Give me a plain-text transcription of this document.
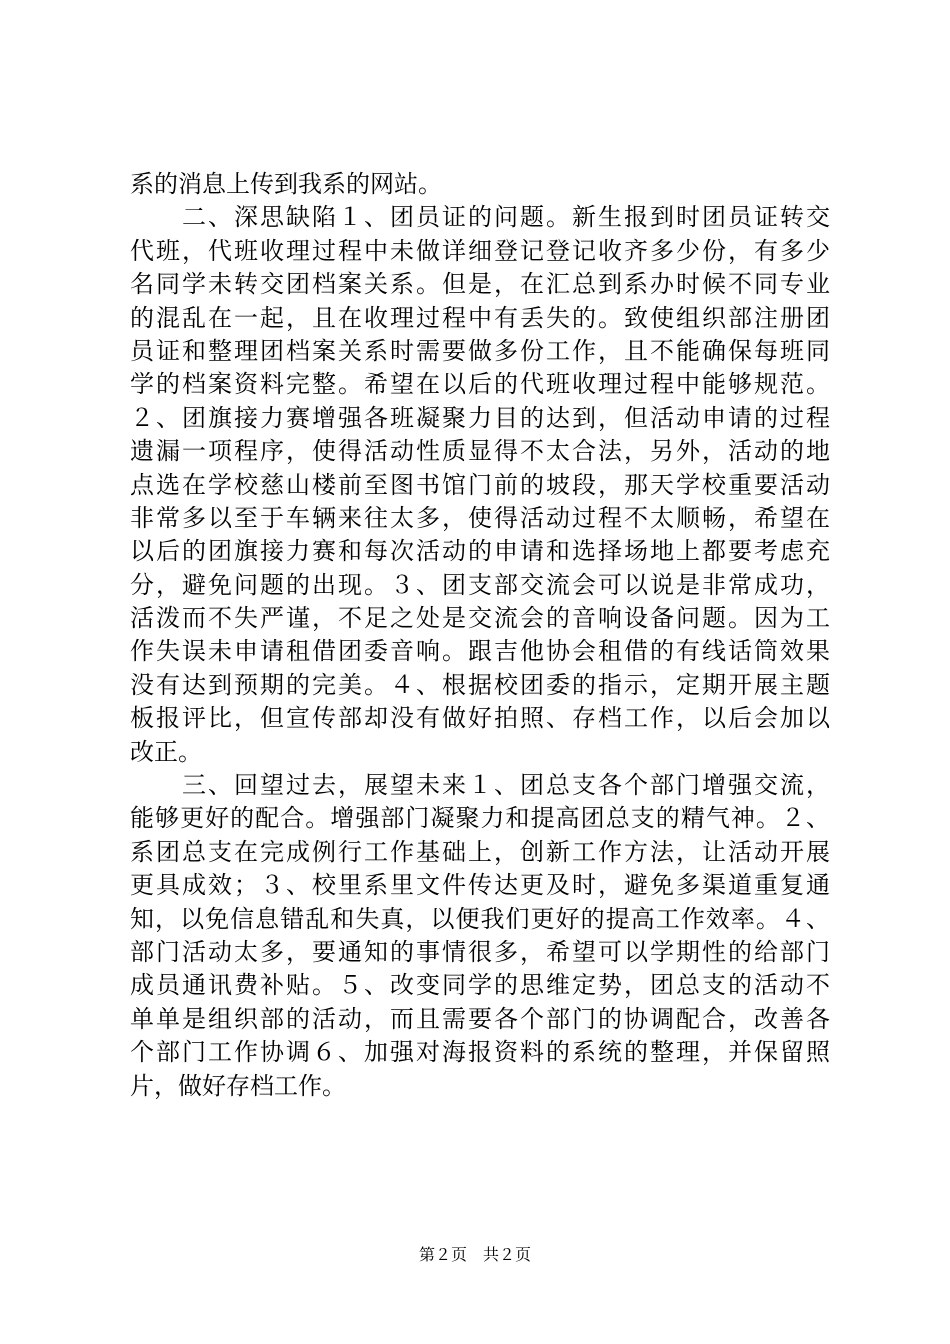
系的消息上传到我系的网站。
　　二、深思缺陷１、团员证的问题。新生报到时团员证转交
代班，代班收理过程中未做详细登记登记收齐多少份，有多少
名同学未转交团档案关系。但是，在汇总到系办时候不同专业
的混乱在一起，且在收理过程中有丢失的。致使组织部注册团
员证和整理团档案关系时需要做多份工作，且不能确保每班同
学的档案资料完整。希望在以后的代班收理过程中能够规范。
２、团旗接力赛增强各班凝聚力目的达到，但活动申请的过程
遗漏一项程序，使得活动性质显得不太合法，另外，活动的地
点选在学校慈山楼前至图书馆门前的坡段，那天学校重要活动
非常多以至于车辆来往太多，使得活动过程不太顺畅，希望在
以后的团旗接力赛和每次活动的申请和选择场地上都要考虑充
分，避免问题的出现。３、团支部交流会可以说是非常成功，
活泼而不失严谨，不足之处是交流会的音响设备问题。因为工
作失误未申请租借团委音响。跟吉他协会租借的有线话筒效果
没有达到预期的完美。４、根据校团委的指示，定期开展主题
板报评比，但宣传部却没有做好拍照、存档工作，以后会加以
改正。
　　三、回望过去，展望未来１、团总支各个部门增强交流，
能够更好的配合。增强部门凝聚力和提高团总支的精气神。２、
系团总支在完成例行工作基础上，创新工作方法，让活动开展
更具成效；３、校里系里文件传达更及时，避免多渠道重复通
知，以免信息错乱和失真，以便我们更好的提高工作效率。４、
部门活动太多，要通知的事情很多，希望可以学期性的给部门
成员通讯费补贴。５、改变同学的思维定势，团总支的活动不
单单是组织部的活动，而且需要各个部门的协调配合，改善各
个部门工作协调６、加强对海报资料的系统的整理，并保留照
片，做好存档工作。
第２页　共２页
